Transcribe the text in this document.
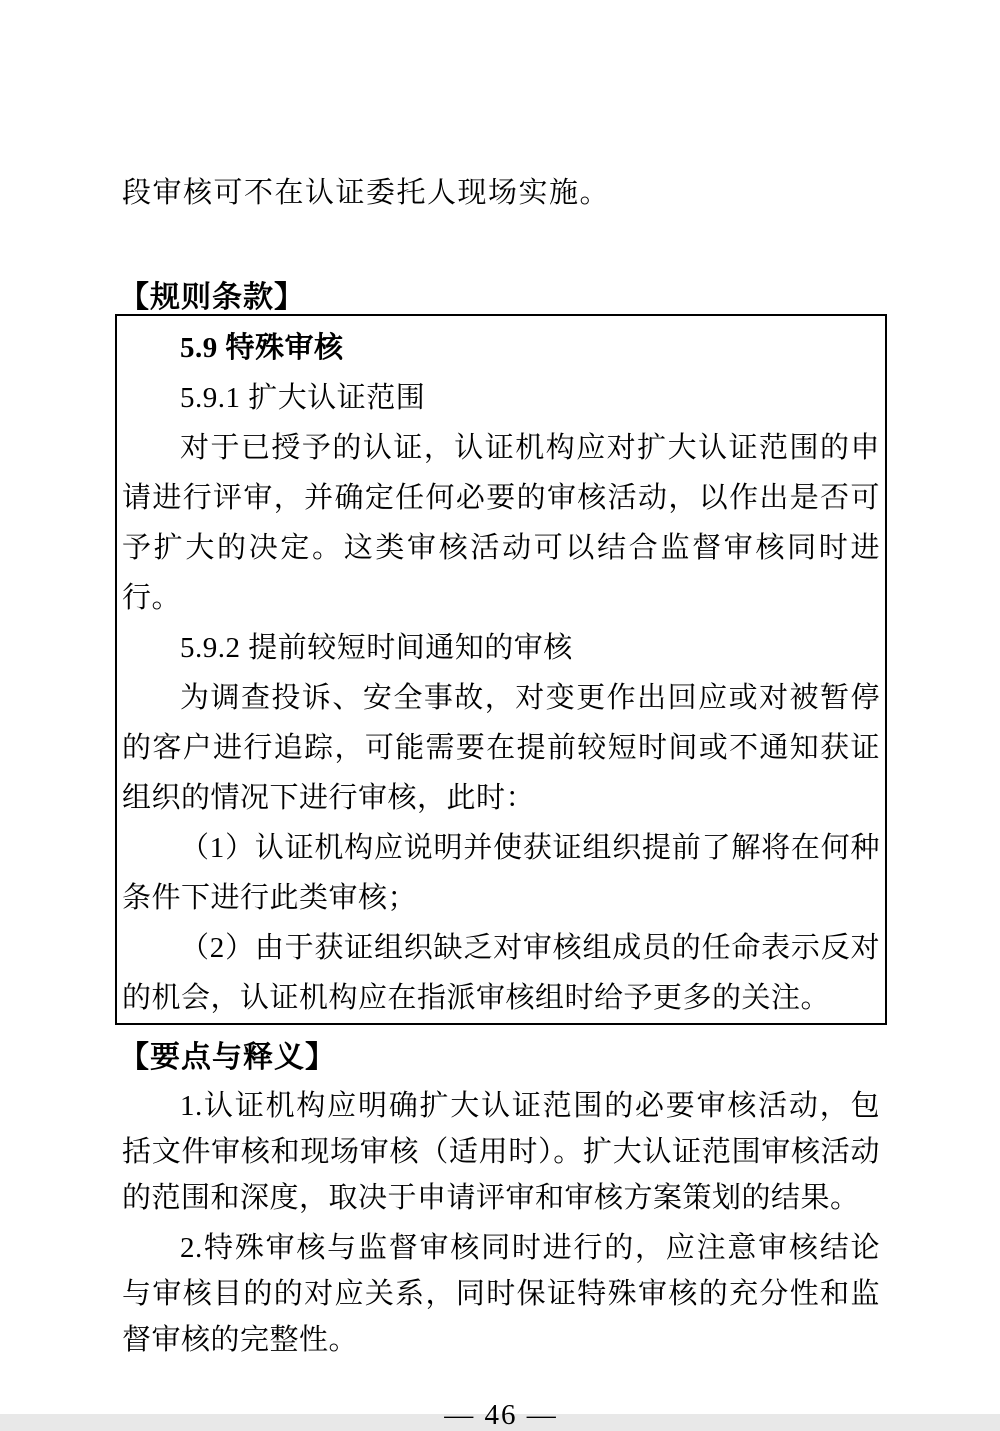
段审核可不在认证委托人现场实施。

【规则条款】

5.9 特殊审核

5.9.1 扩大认证范围

对于已授予的认证，认证机构应对扩大认证范围的申请进行评审，并确定任何必要的审核活动，以作出是否可予扩大的决定。这类审核活动可以结合监督审核同时进行。

5.9.2 提前较短时间通知的审核

为调查投诉、安全事故，对变更作出回应或对被暂停的客户进行追踪，可能需要在提前较短时间或不通知获证组织的情况下进行审核，此时：

（1）认证机构应说明并使获证组织提前了解将在何种条件下进行此类审核；

（2）由于获证组织缺乏对审核组成员的任命表示反对的机会，认证机构应在指派审核组时给予更多的关注。

【要点与释义】

1.认证机构应明确扩大认证范围的必要审核活动，包括文件审核和现场审核（适用时）。扩大认证范围审核活动的范围和深度，取决于申请评审和审核方案策划的结果。

2.特殊审核与监督审核同时进行的，应注意审核结论与审核目的的对应关系，同时保证特殊审核的充分性和监督审核的完整性。

— 46 —
